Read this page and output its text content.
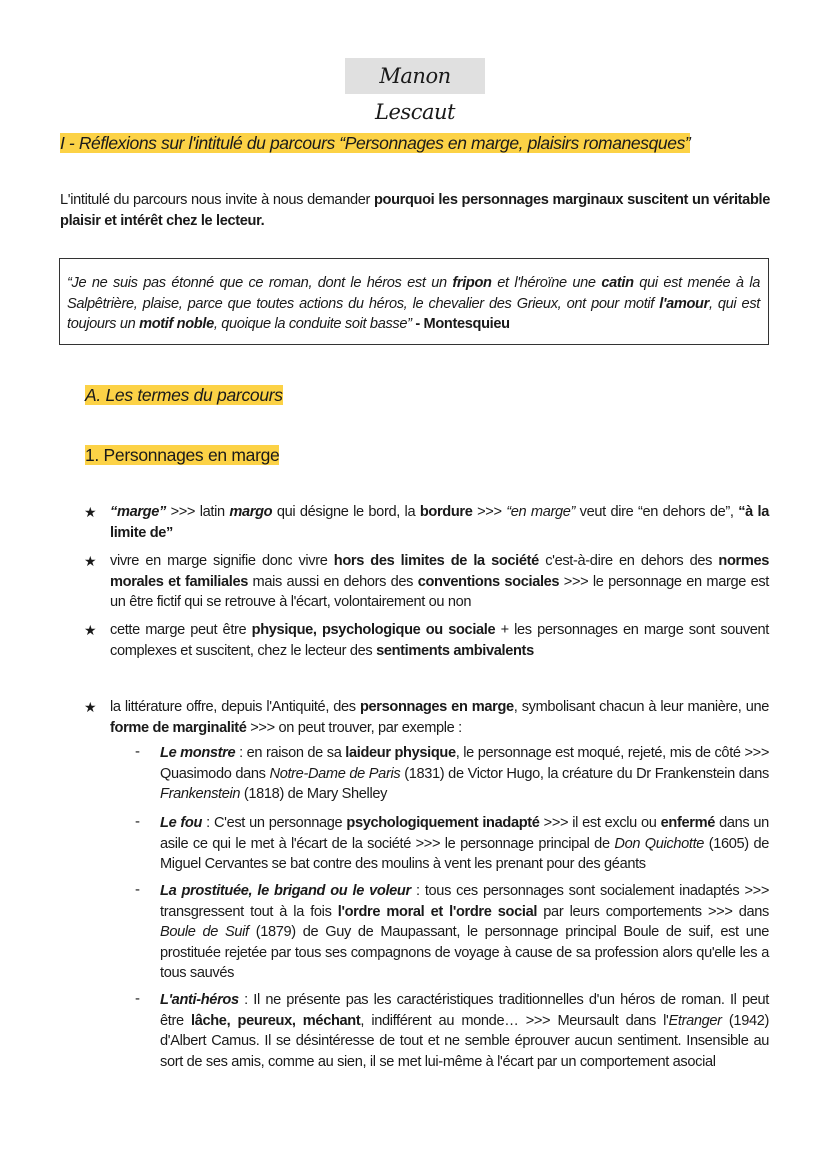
Manon Lescaut
I - Réflexions sur l'intitulé du parcours “Personnages en marge, plaisirs romanesques”
L'intitulé du parcours nous invite à nous demander pourquoi les personnages marginaux suscitent un véritable plaisir et intérêt chez le lecteur.
“Je ne suis pas étonné que ce roman, dont le héros est un fripon et l'héroïne une catin qui est menée à la Salpêtrière, plaise, parce que toutes actions du héros, le chevalier des Grieux, ont pour motif l'amour, qui est toujours un motif noble, quoique la conduite soit basse” - Montesquieu
A. Les termes du parcours
1. Personnages en marge
★ “marge” >>> latin margo qui désigne le bord, la bordure >>> “en marge” veut dire “en dehors de”, “à la limite de”
★ vivre en marge signifie donc vivre hors des limites de la société c'est-à-dire en dehors des normes morales et familiales mais aussi en dehors des conventions sociales >>> le personnage en marge est un être fictif qui se retrouve à l'écart, volontairement ou non
★ cette marge peut être physique, psychologique ou sociale + les personnages en marge sont souvent complexes et suscitent, chez le lecteur des sentiments ambivalents
★ la littérature offre, depuis l'Antiquité, des personnages en marge, symbolisant chacun à leur manière, une forme de marginalité >>> on peut trouver, par exemple :
- Le monstre : en raison de sa laideur physique, le personnage est moqué, rejeté, mis de côté >>> Quasimodo dans Notre-Dame de Paris (1831) de Victor Hugo, la créature du Dr Frankenstein dans Frankenstein (1818) de Mary Shelley
- Le fou : C'est un personnage psychologiquement inadapté >>> il est exclu ou enfermé dans un asile ce qui le met à l'écart de la société >>> le personnage principal de Don Quichotte (1605) de Miguel Cervantes se bat contre des moulins à vent les prenant pour des géants
- La prostituée, le brigand ou le voleur : tous ces personnages sont socialement inadaptés >>> transgressent tout à la fois l'ordre moral et l'ordre social par leurs comportements >>> dans Boule de Suif (1879) de Guy de Maupassant, le personnage principal Boule de suif, est une prostituée rejetée par tous ses compagnons de voyage à cause de sa profession alors qu'elle les a tous sauvés
- L'anti-héros : Il ne présente pas les caractéristiques traditionnelles d'un héros de roman. Il peut être lâche, peureux, méchant, indifférent au monde… >>> Meursault dans l'Etranger (1942) d'Albert Camus. Il se désintéresse de tout et ne semble éprouver aucun sentiment. Insensible au sort de ses amis, comme au sien, il se met lui-même à l'écart par un comportement asocial
